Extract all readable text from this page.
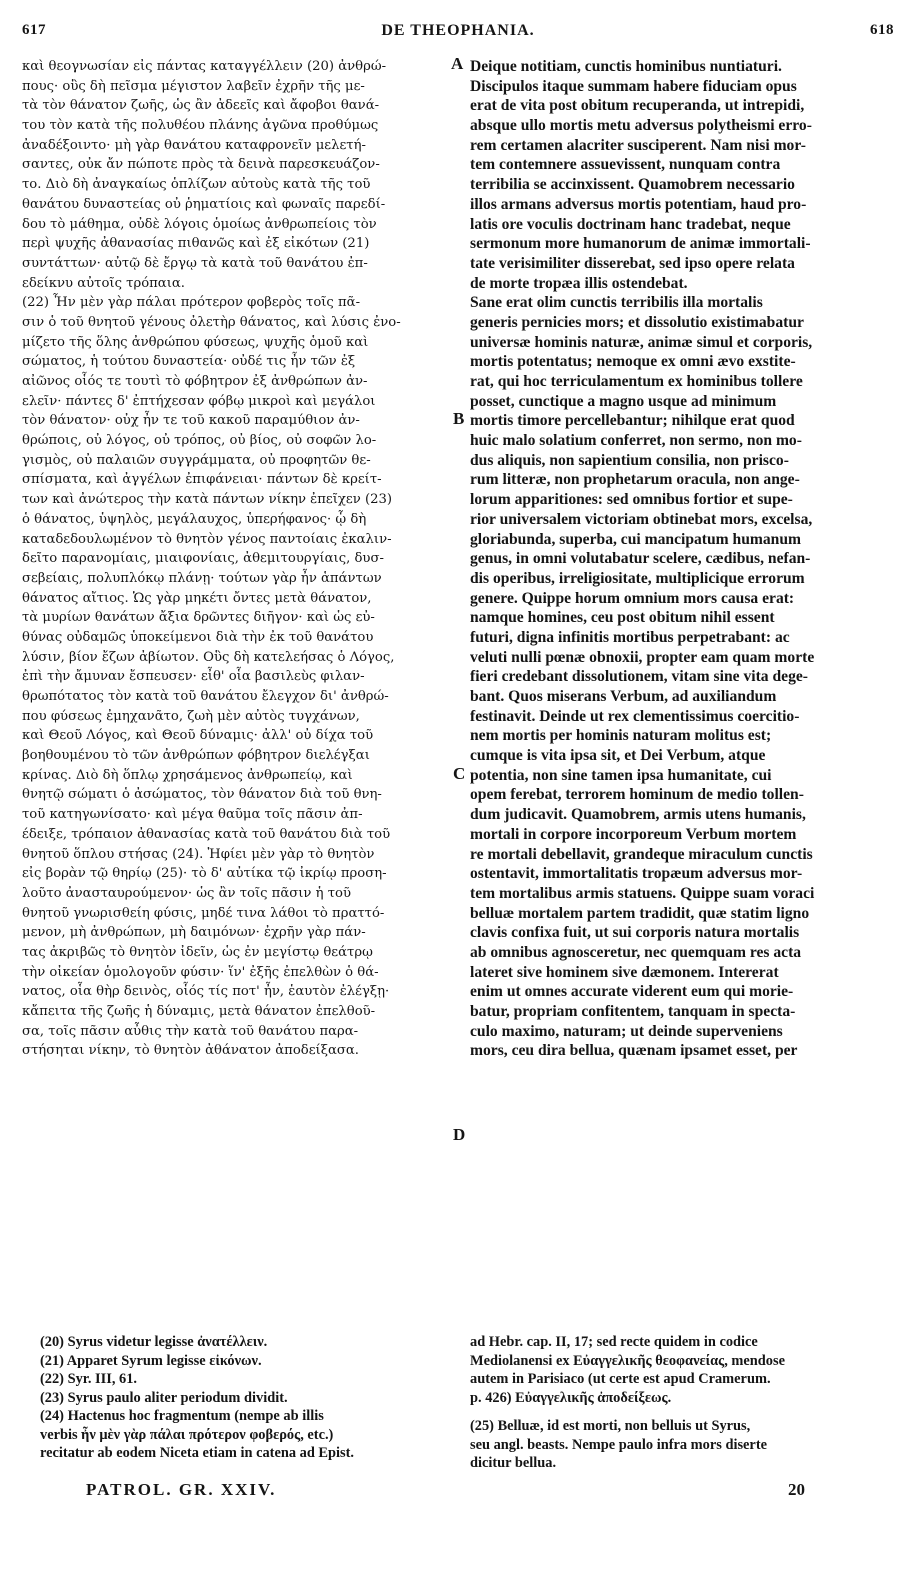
617	DE THEOPHANIA.	618
καὶ θεογνωσίαν εἰς πάντας καταγγέλλειν (20) ἀνθρώ-
πους· οὓς δὴ πεῖσμα μέγιστον λαβεῖν ἐχρῆν τῆς με-
τὰ τὸν θάνατον ζωῆς, ὡς ἂν ἀδεεῖς καὶ ἄφοβοι θανά-
του τὸν κατὰ τῆς πολυθέου πλάνης ἀγῶνα προθύμως
ἀναδέξοιντο· μὴ γὰρ θανάτου καταφρονεῖν μελετή-
σαντες, οὐκ ἄν πώποτε πρὸς τὰ δεινὰ παρεσκευάζον-
το. Διὸ δὴ ἀναγκαίως ὁπλίζων αὐτοὺς κατὰ τῆς τοῦ
θανάτου δυναστείας οὐ ῥηματίοις καὶ φωναῖς παρεδί-
δου τὸ μάθημα, οὐδὲ λόγοις ὁμοίως ἀνθρωπείοις τὸν
περὶ ψυχῆς ἀθανασίας πιθανῶς καὶ ἐξ εἰκότων (21)
συντάττων· αὐτῷ δὲ ἔργῳ τὰ κατὰ τοῦ θανάτου ἐπ-
εδείκνυ αὐτοῖς τρόπαια.
(22) Ἦν μὲν γὰρ πάλαι πρότερον φοβερὸς τοῖς πᾶ-
σιν ὁ τοῦ θνητοῦ γένους ὀλετὴρ θάνατος, καὶ λύσις ἐνο-
μίζετο τῆς ὅλης ἀνθρώπου φύσεως, ψυχῆς ὁμοῦ καὶ
σώματος, ἡ τούτου δυναστεία· οὐδέ τις ἦν τῶν ἐξ
αἰῶνος οἷός τε τουτὶ τὸ φόβητρον ἐξ ἀνθρώπων ἀν-
ελεῖν· πάντες δ' ἐπτήχεσαν φόβῳ μικροὶ καὶ μεγάλοι
τὸν θάνατον· οὐχ ἦν τε τοῦ κακοῦ παραμύθιον ἀν-
θρώποις, οὐ λόγος, οὐ τρόπος, οὐ βίος, οὐ σοφῶν λο-
γισμὸς, οὐ παλαιῶν συγγράμματα, οὐ προφητῶν θε-
σπίσματα, καὶ ἀγγέλων ἐπιφάνειαι· πάντων δὲ κρείτ-
των καὶ ἀνώτερος τὴν κατὰ πάντων νίκην ἐπεῖχεν (23)
ὁ θάνατος, ὑψηλὸς, μεγάλαυχος, ὑπερήφανος· ᾧ δὴ
καταδεδουλωμένον τὸ θνητὸν γένος παντοίαις ἐκαλιν-
δεῖτο παρανομίαις, μιαιφονίαις, ἀθεμιτουργίαις, δυσ-
σεβείαις, πολυπλόκῳ πλάνῃ· τούτων γὰρ ἦν ἁπάντων
θάνατος αἴτιος. Ὡς γὰρ μηκέτι ὄντες μετὰ θάνατον,
τὰ μυρίων θανάτων ἄξια δρῶντες διῆγον· καὶ ὡς εὐ-
θύνας οὐδαμῶς ὑποκείμενοι διὰ τὴν ἐκ τοῦ θανάτου
λύσιν, βίον ἔζων ἀβίωτον. Οὓς δὴ κατελεήσας ὁ Λόγος,
ἐπὶ τὴν ἄμυναν ἔσπευσεν· εἶθ' οἷα βασιλεὺς φιλαν-
θρωπότατος τὸν κατὰ τοῦ θανάτου ἔλεγχον δι' ἀνθρώ-
που φύσεως ἐμηχανᾶτο, ζωὴ μὲν αὐτὸς τυγχάνων,
καὶ Θεοῦ Λόγος, καὶ Θεοῦ δύναμις· ἀλλ' οὐ δίχα τοῦ
βοηθουμένου τὸ τῶν ἀνθρώπων φόβητρον διελέγξαι
κρίνας. Διὸ δὴ ὅπλῳ χρησάμενος ἀνθρωπείῳ, καὶ
θνητῷ σώματι ὁ ἀσώματος, τὸν θάνατον διὰ τοῦ θνη-
τοῦ κατηγωνίσατο· καὶ μέγα θαῦμα τοῖς πᾶσιν ἀπ-
έδειξε, τρόπαιον ἀθανασίας κατὰ τοῦ θανάτου διὰ τοῦ
θνητοῦ ὅπλου στήσας (24). Ἠφίει μὲν γὰρ τὸ θνητὸν
εἰς βορὰν τῷ θηρίῳ (25)· τὸ δ' αὐτίκα τῷ ἰκρίῳ προση-
λοῦτο ἀνασταυρούμενον· ὡς ἂν τοῖς πᾶσιν ἡ τοῦ
θνητοῦ γνωρισθείη φύσις, μηδέ τινα λάθοι τὸ πραττό-
μενον, μὴ ἀνθρώπων, μὴ δαιμόνων· ἐχρῆν γὰρ πάν-
τας ἀκριβῶς τὸ θνητὸν ἰδεῖν, ὡς ἐν μεγίστῳ θεάτρῳ
τὴν οἰκείαν ὁμολογοῦν φύσιν· ἵν' ἐξῆς ἐπελθὼν ὁ θά-
νατος, οἷα θὴρ δεινὸς, οἷός τίς ποτ' ἦν, ἑαυτὸν ἐλέγξῃ·
κἄπειτα τῆς ζωῆς ἡ δύναμις, μετὰ θάνατον ἐπελθοῦ-
σα, τοῖς πᾶσιν αὖθις τὴν κατὰ τοῦ θανάτου παρα-
στήσηται νίκην, τὸ θνητὸν ἀθάνατον ἀποδείξασα.
Deique notitiam, cunctis hominibus nuntiaturi.
Discipulos itaque summam habere fiduciam opus
erat de vita post obitum recuperanda, ut intrepidi,
absque ullo mortis metu adversus polytheismi erro-
rem certamen alacriter susciperent. Nam nisi mor-
tem contemnere assuevissent, nunquam contra
terribilia se accinxissent. Quamobrem necessario
illos armans adversus mortis potentiam, haud pro-
latis ore voculis doctrinam hanc tradebat, neque
sermonum more humanorum de animæ immortali-
tate verisimiliter disserebat, sed ipso opere relata
de morte tropæa illis ostendebat.
Sane erat olim cunctis terribilis illa mortalis
generis pernicies mors; et dissolutio existimabatur
universæ hominis naturæ, animæ simul et corporis,
mortis potentatus; nemoque ex omni ævo exstite-
rat, qui hoc terriculamentum ex hominibus tollere
posset, cunctique a magno usque ad minimum
mortis timore percellebantur; nihilque erat quod
huic malo solatium conferret, non sermo, non mo-
dus aliquis, non sapientium consilia, non prisco-
rum litteræ, non prophetarum oracula, non ange-
lorum apparitiones: sed omnibus fortior et supe-
rior universalem victoriam obtinebat mors, excelsa,
gloriabunda, superba, cui mancipatum humanum
genus, in omni volutabatur scelere, cædibus, nefan-
dis operibus, irreligiositate, multiplicique errorum
genere. Quippe horum omnium mors causa erat:
namque homines, ceu post obitum nihil essent
futuri, digna infinitis mortibus perpetrabant: ac
veluti nulli pœnæ obnoxii, propter eam quam morte
fieri credebant dissolutionem, vitam sine vita dege-
bant. Quos miserans Verbum, ad auxiliandum
festinavit. Deinde ut rex clementissimus coercitio-
nem mortis per hominis naturam molitus est;
cumque is vita ipsa sit, et Dei Verbum, atque
potentia, non sine tamen ipsa humanitate, cui
opem ferebat, terrorem hominum de medio tollen-
dum judicavit. Quamobrem, armis utens humanis,
mortali in corpore incorporeum Verbum mortem
re mortali debellavit, grandeque miraculum cunctis
ostentavit, immortalitatis tropæum adversus mor-
tem mortalibus armis statuens. Quippe suam voraci
belluæ mortalem partem tradidit, quæ statim ligno
clavis confixa fuit, ut sui corporis natura mortalis
ab omnibus agnosceretur, nec quemquam res acta
lateret sive hominem sive dæmonem. Intererat
enim ut omnes accurate viderent eum qui morie-
batur, propriam confitentem, tanquam in specta-
culo maximo, naturam; ut deinde superveniens
mors, ceu dira bellua, quænam ipsamet esset, per
A
B
C
D
(20) Syrus videtur legisse ἀνατέλλειν.
(21) Apparet Syrum legisse εἰκόνων.
(22) Syr. III, 61.
(23) Syrus paulo aliter periodum dividit.
(24) Hactenus hoc fragmentum (nempe ab illis
verbis ἦν μὲν γὰρ πάλαι πρότερον φοβερός, etc.)
recitatur ab eodem Niceta etiam in catena ad Epist.
ad Hebr. cap. II, 17; sed recte quidem in codice
Mediolanensi ex Εὐαγγελικῆς θεοφανείας, mendose
autem in Parisiaco (ut certe est apud Cramerum.
p. 426) Εὐαγγελικῆς ἀποδείξεως.
(25) Belluæ, id est morti, non belluis ut Syrus,
seu angl. beasts. Nempe paulo infra mors diserte
dicitur bellua.
PATROL. GR. XXIV.	20
